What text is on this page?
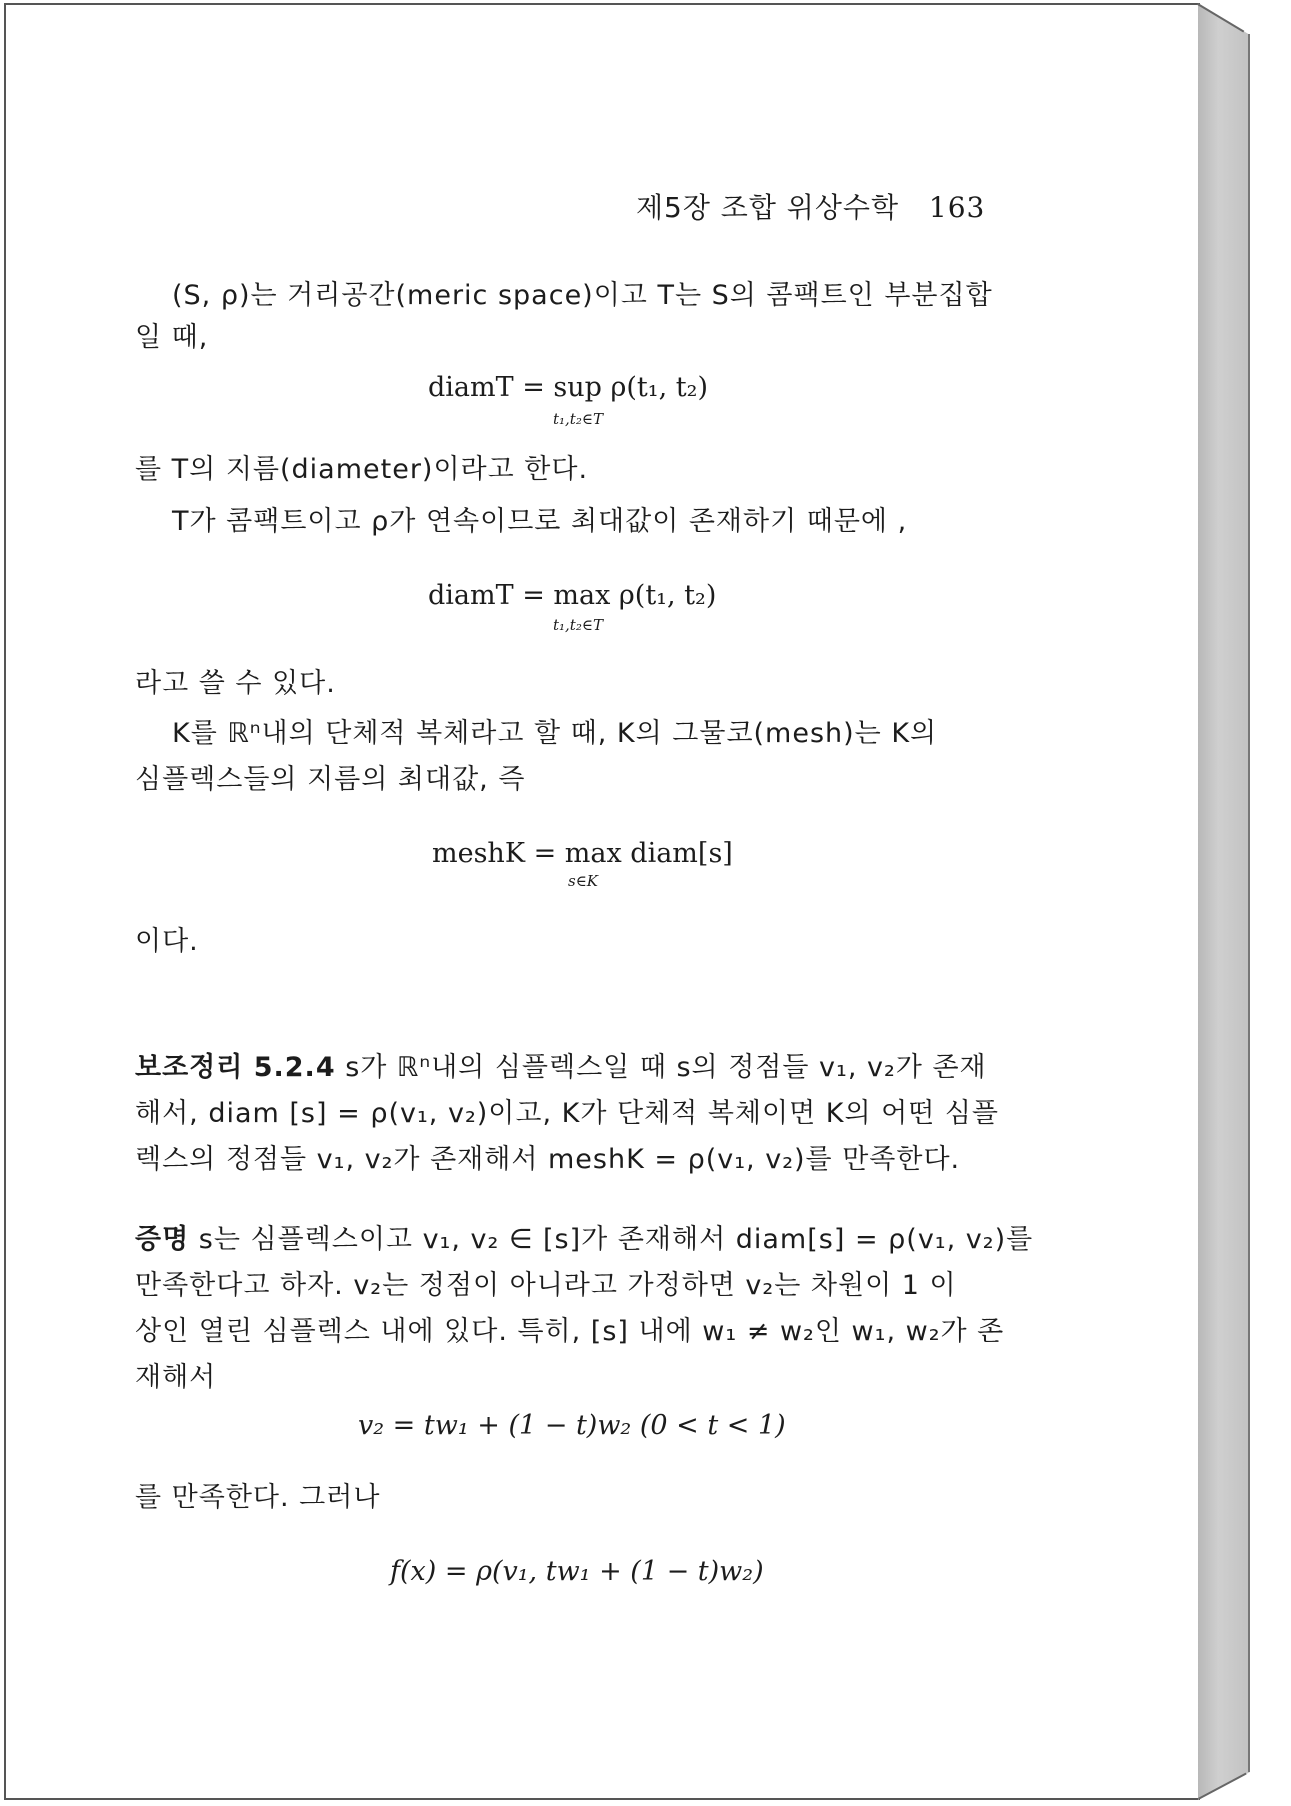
제5장 조합 위상수학 163
(S, ρ)는 거리공간(meric space)이고 T는 S의 콤팩트인 부분집합
일 때,
diamT = sup ρ(t₁, t₂)
t₁,t₂∈T
를 T의 지름(diameter)이라고 한다.
T가 콤팩트이고 ρ가 연속이므로 최대값이 존재하기 때문에 ,
diamT = max ρ(t₁, t₂)
t₁,t₂∈T
라고 쓸 수 있다.
K를 ℝⁿ내의 단체적 복체라고 할 때, K의 그물코(mesh)는 K의
심플렉스들의 지름의 최대값, 즉
meshK = max diam[s]
s∈K
이다.
보조정리 5.2.4 s가 ℝⁿ내의 심플렉스일 때 s의 정점들 v₁, v₂가 존재
해서, diam [s] = ρ(v₁, v₂)이고, K가 단체적 복체이면 K의 어떤 심플
렉스의 정점들 v₁, v₂가 존재해서 meshK = ρ(v₁, v₂)를 만족한다.
증명 s는 심플렉스이고 v₁, v₂ ∈ [s]가 존재해서 diam[s] = ρ(v₁, v₂)를
만족한다고 하자. v₂는 정점이 아니라고 가정하면 v₂는 차원이 1 이
상인 열린 심플렉스 내에 있다. 특히, [s] 내에 w₁ ≠ w₂인 w₁, w₂가 존
재해서
v₂ = tw₁ + (1 − t)w₂ (0 < t < 1)
를 만족한다. 그러나
f(x) = ρ(v₁, tw₁ + (1 − t)w₂)
